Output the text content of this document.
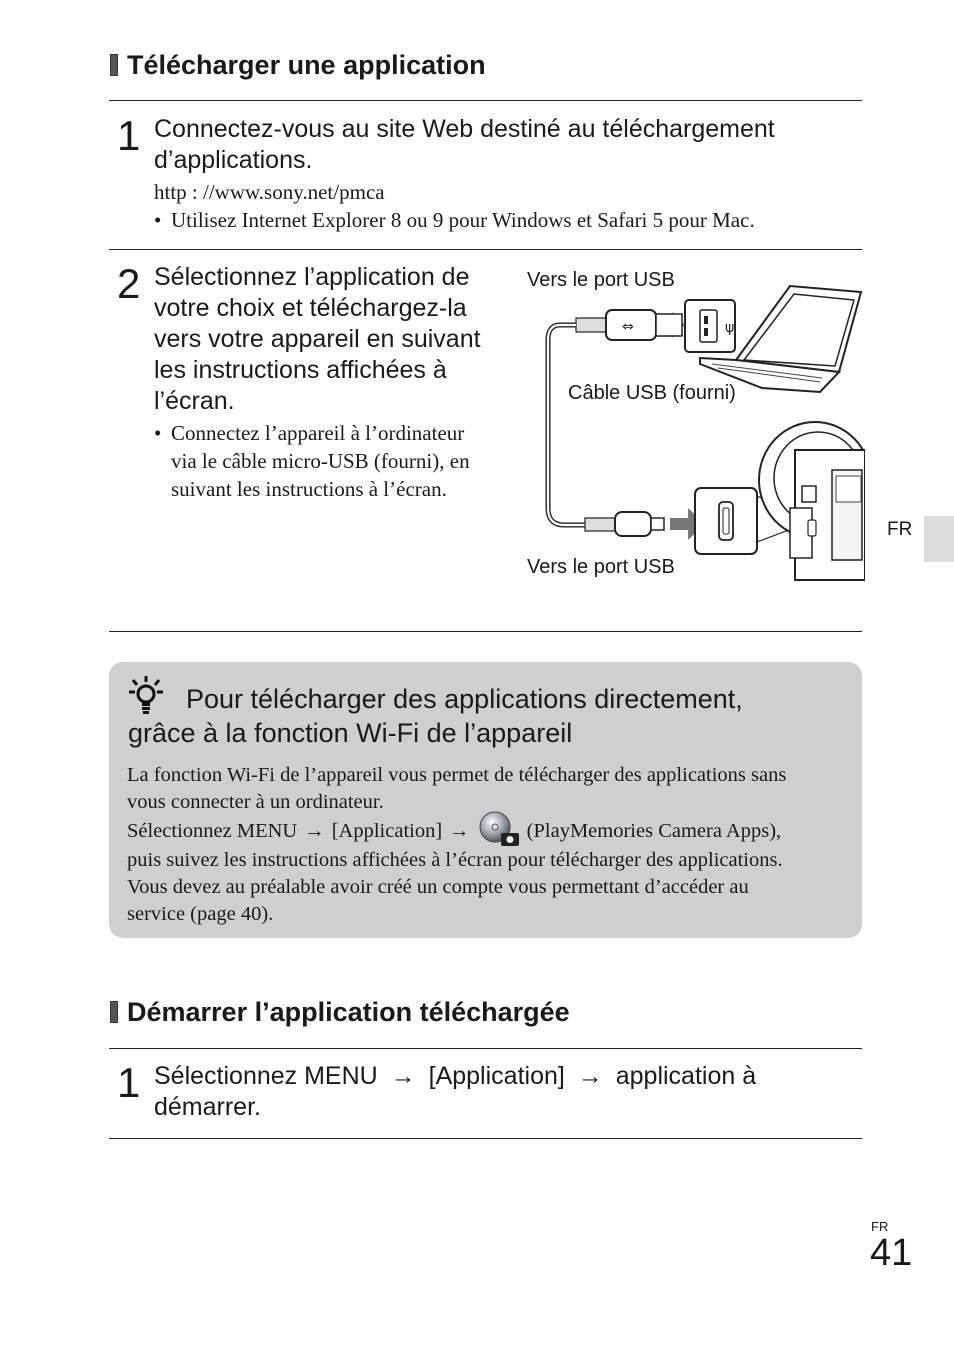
Télécharger une application
1 Connectez-vous au site Web destiné au téléchargement
d’applications.
http : //www.sony.net/pmca
• Utilisez Internet Explorer 8 ou 9 pour Windows et Safari 5 pour Mac.
2 Sélectionnez l’application de
votre choix et téléchargez-la
vers votre appareil en suivant
les instructions affichées à
l’écran.
• Connectez l’appareil à l’ordinateur
via le câble micro-USB (fourni), en
suivant les instructions à l’écran.
Vers le port USB
Câble USB (fourni)
Vers le port USB
ψ
⇔
FR
Pour télécharger des applications directement,
grâce à la fonction Wi-Fi de l’appareil
La fonction Wi-Fi de l’appareil vous permet de télécharger des applications sans
vous connecter à un ordinateur.
Sélectionnez MENU → [Application] →	(PlayMemories Camera Apps),
puis suivez les instructions affichées à l’écran pour télécharger des applications.
Vous devez au préalable avoir créé un compte vous permettant d’accéder au
service (page 40).
Démarrer l’application téléchargée
1 Sélectionnez MENU → [Application] → application à
démarrer.
FR
41
